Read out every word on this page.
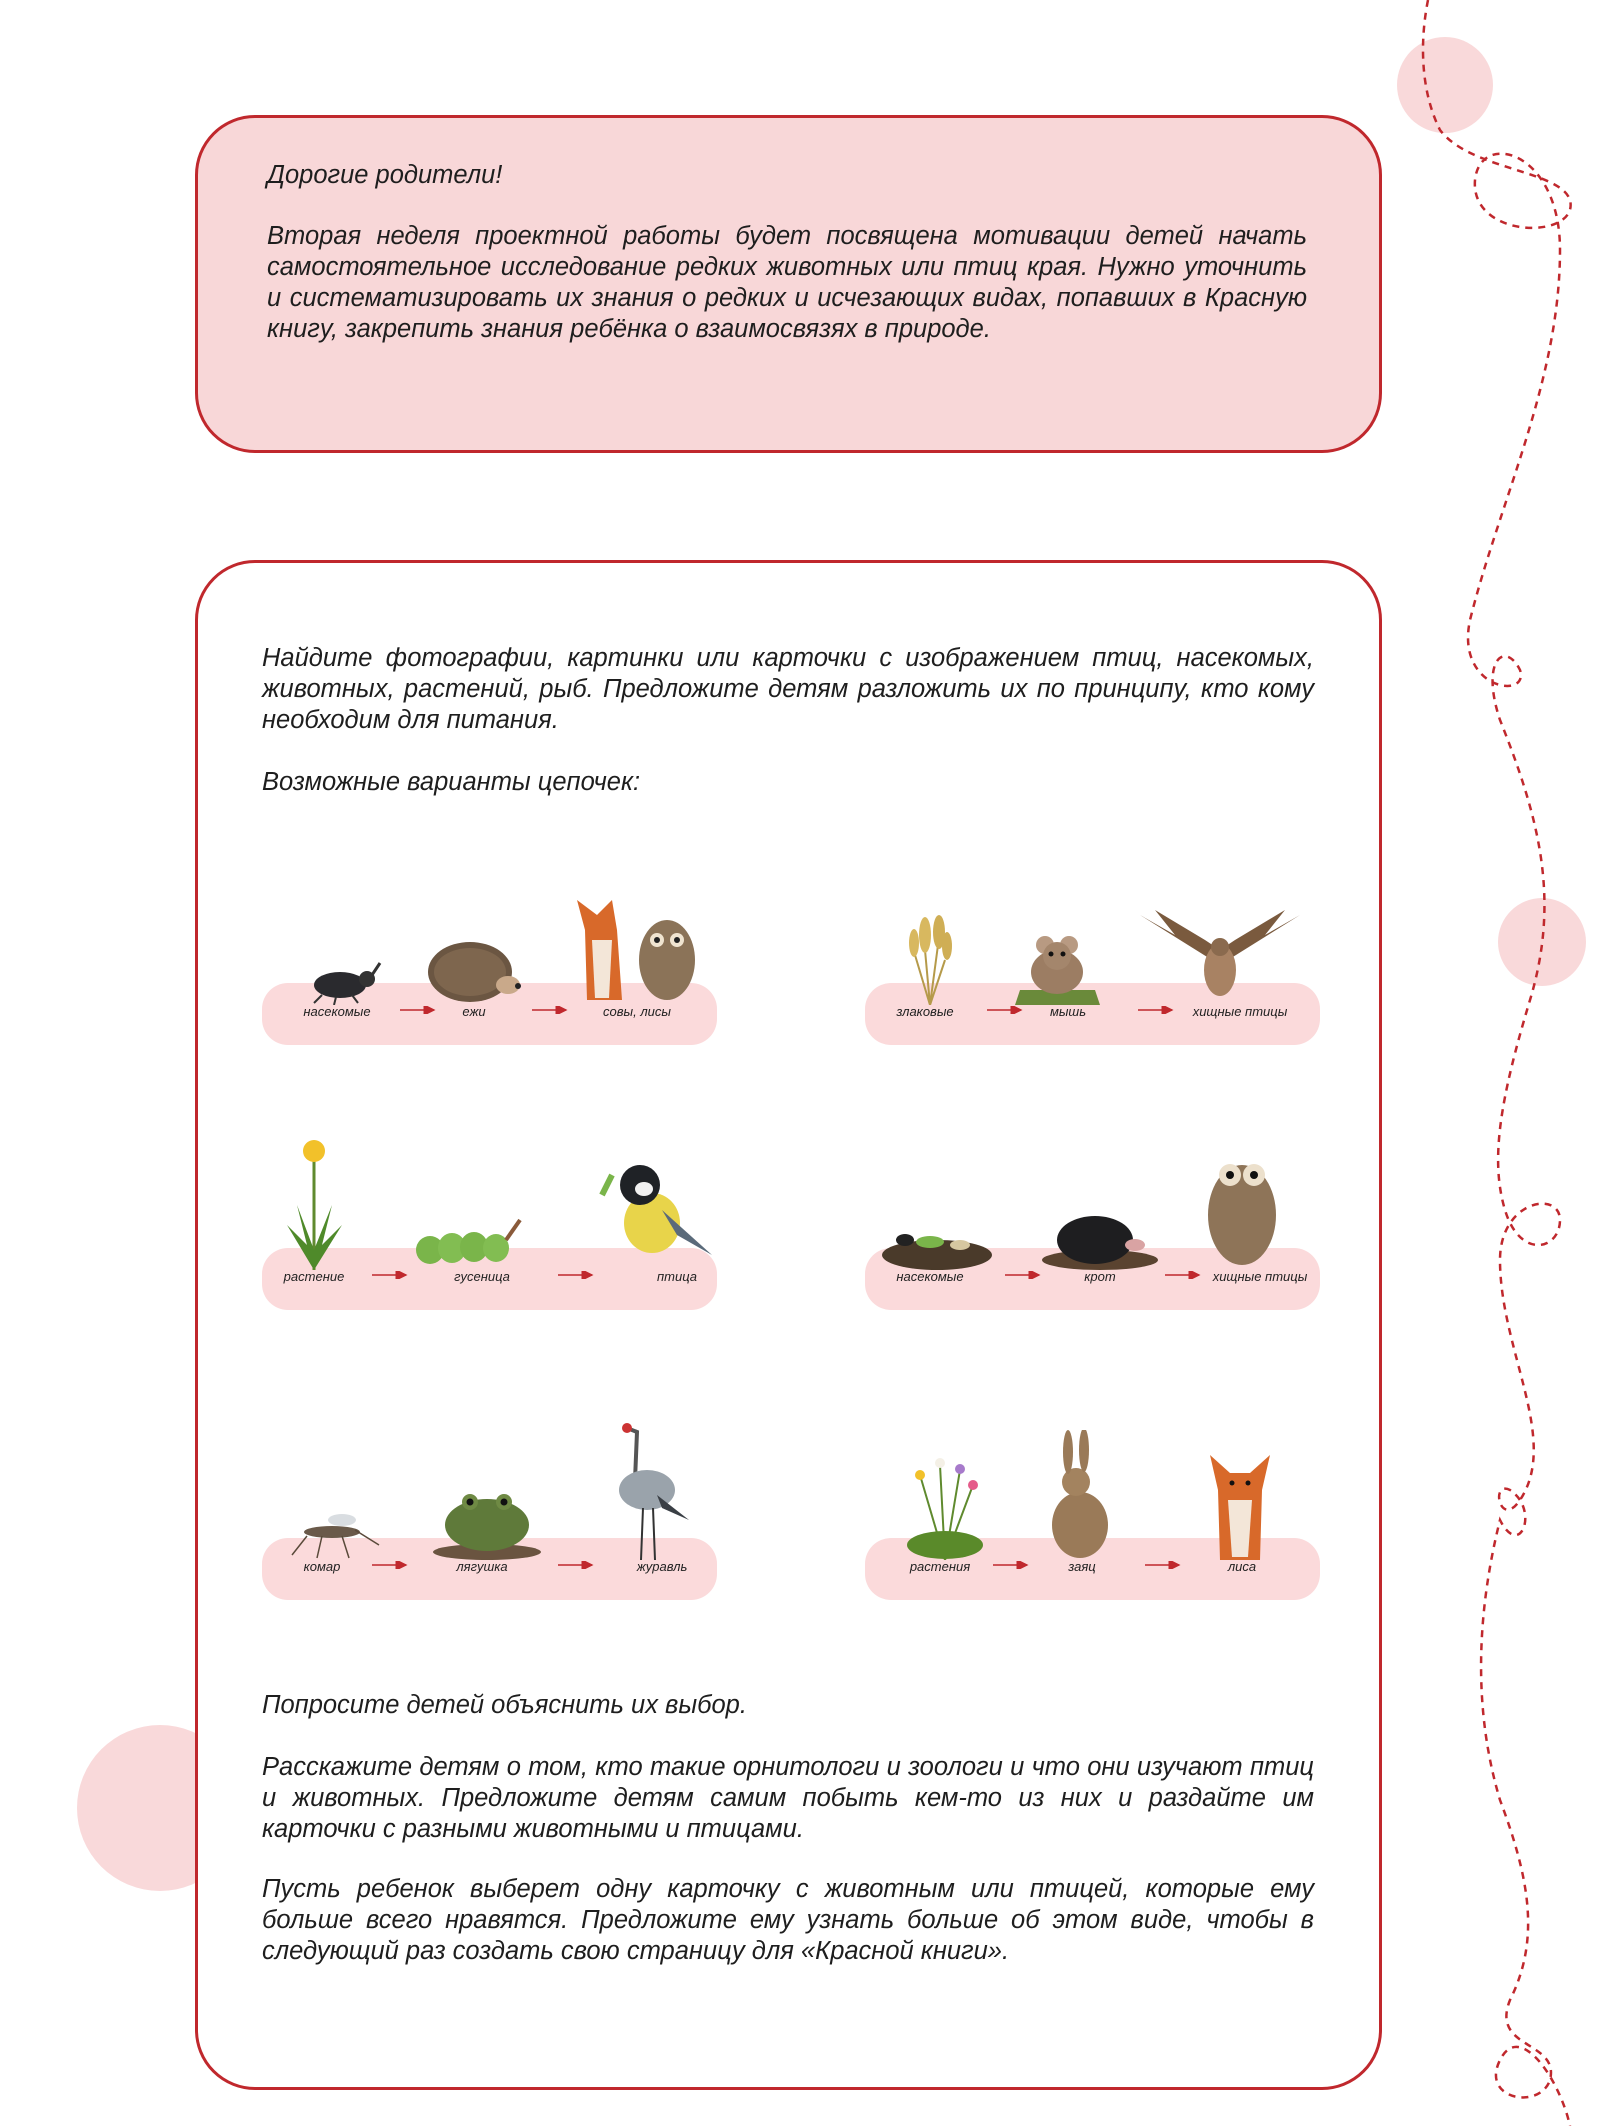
Дорогие родители!

Вторая неделя проектной работы будет посвящена мотивации детей начать самостоятельное исследование редких животных или птиц края. Нужно уточнить и систематизировать их знания о редких и исчезающих видах, попавших в Красную книгу, закрепить знания ребёнка о взаимосвязях в природе.

Найдите фотографии, картинки или карточки с изображением птиц, насекомых, животных, растений, рыб. Предложите детям разложить их по принципу, кто кому необходим для питания.

Возможные варианты цепочек:

насекомые	ежи	совы, лисы	злаковые	мышь	хищные птицы
растение	гусеница	птица	насекомые	крот	хищные птицы
комар	лягушка	журавль	растения	заяц	лиса

Попросите детей объяснить их выбор.

Расскажите детям о том, кто такие орнитологи и зоологи и что они изучают птиц и животных. Предложите детям самим побыть кем-то из них и раздайте им карточки с разными животными и птицами.

Пусть ребенок выберет одну карточку с животным или птицей, которые ему больше всего нравятся. Предложите ему узнать больше об этом виде, чтобы в следующий раз создать свою страницу для «Красной книги».
